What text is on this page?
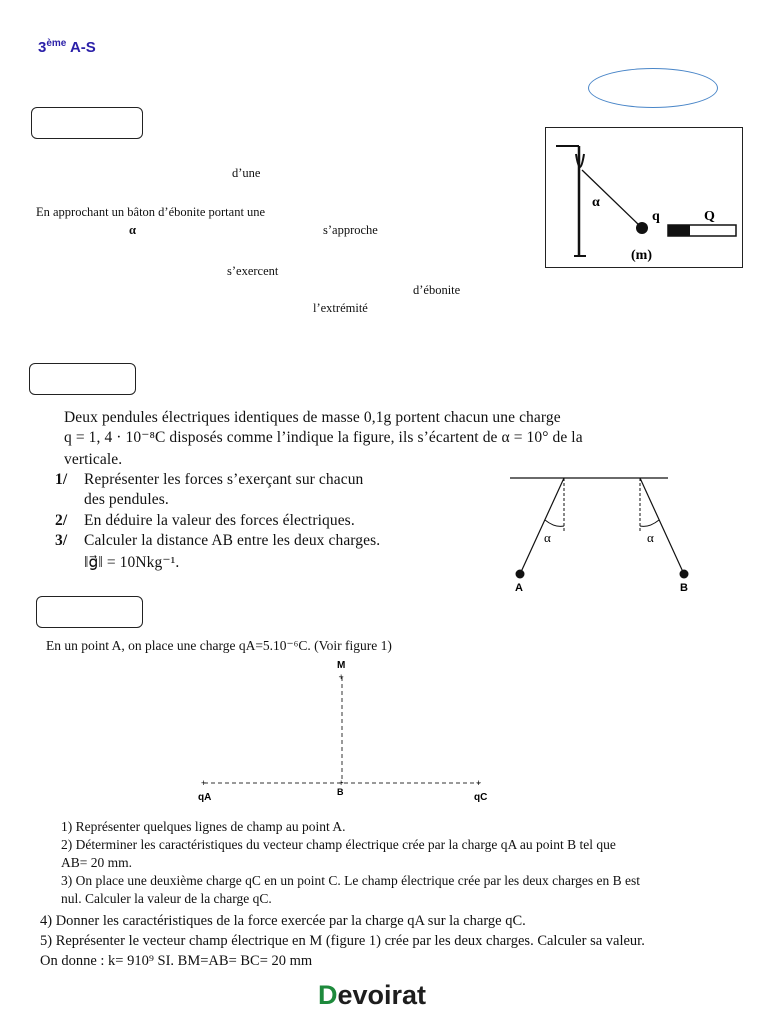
3ème A-S
d’une
En approchant un bâton d’ébonite portant une
α	s’approche
s’exercent
d’ébonite
l’extrémité
α
q	Q
(m)
Deux pendules électriques identiques de masse 0,1g portent chacun une charge
q = 1, 4 · 10⁻⁸C disposés comme l’indique la figure, ils s’écartent de α = 10° de la
verticale.
1/ Représenter les forces s’exerçant sur chacun
des pendules.
2/ En déduire la valeur des forces électriques.
3/ Calculer la distance AB entre les deux charges.
‖g⃗‖ = 10Nkg⁻¹.
α	α
A	B
En un point A, on place une charge qA=5.10⁻⁶C. (Voir figure 1)
M
+
+
+	+
qA	B	qC
1) Représenter quelques lignes de champ au point A.
2) Déterminer les caractéristiques du vecteur champ électrique crée par la charge qA au point B tel que
AB= 20 mm.
3) On place une deuxième charge qC en un point C. Le champ électrique crée par les deux charges en B est
nul. Calculer la valeur de la charge qC.
4) Donner les caractéristiques de la force exercée par la charge qA sur la charge qC.
5) Représenter le vecteur champ électrique en M (figure 1) crée par les deux charges. Calculer sa valeur.
On donne : k= 910⁹ SI. BM=AB= BC= 20 mm
Devoirat
